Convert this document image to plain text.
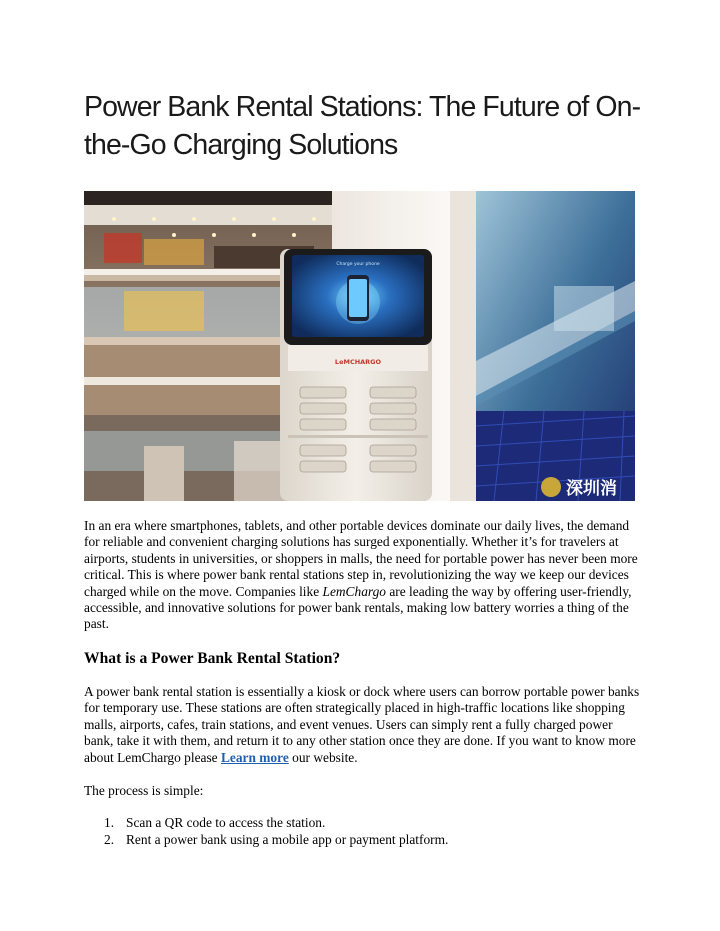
Power Bank Rental Stations: The Future of On-the-Go Charging Solutions
深圳消
Charge your phone
LeMCHARGO

In an era where smartphones, tablets, and other portable devices dominate our daily lives, the demand for reliable and convenient charging solutions has surged exponentially. Whether it’s for travelers at airports, students in universities, or shoppers in malls, the need for portable power has never been more critical. This is where power bank rental stations step in, revolutionizing the way we keep our devices charged while on the move. Companies like LemChargo are leading the way by offering user-friendly, accessible, and innovative solutions for power bank rentals, making low battery worries a thing of the past.

What is a Power Bank Rental Station?

A power bank rental station is essentially a kiosk or dock where users can borrow portable power banks for temporary use. These stations are often strategically placed in high-traffic locations like shopping malls, airports, cafes, train stations, and event venues. Users can simply rent a fully charged power bank, take it with them, and return it to any other station once they are done. If you want to know more about LemChargo please Learn more our website.

The process is simple:

1. Scan a QR code to access the station.
2. Rent a power bank using a mobile app or payment platform.
